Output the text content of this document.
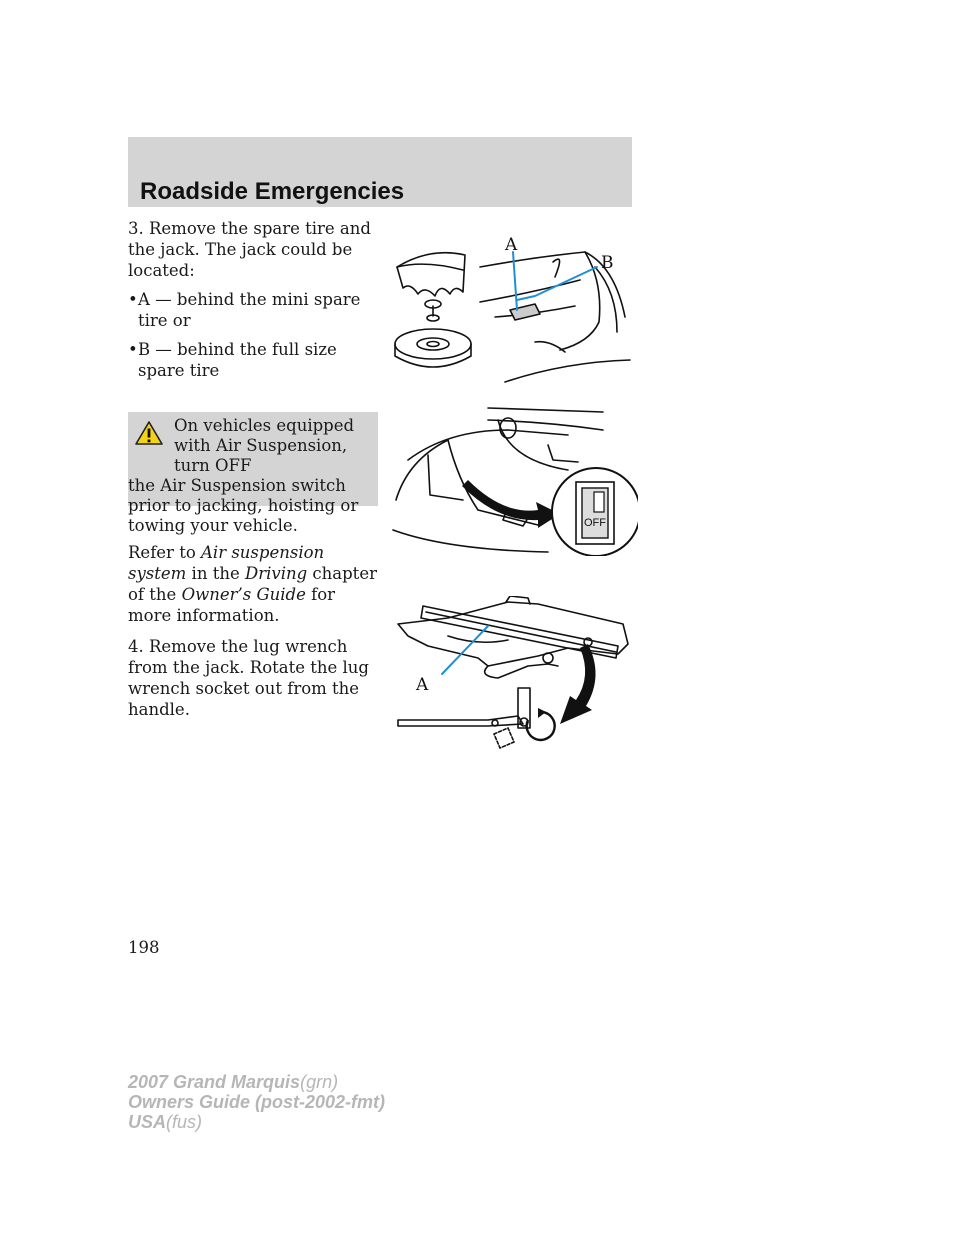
Roadside Emergencies

3. Remove the spare tire and the jack. The jack could be located:

• A — behind the mini spare tire or
• B — behind the full size spare tire
On vehicles equipped with Air Suspension, turn OFF
the Air Suspension switch prior to jacking, hoisting or towing your vehicle.

Refer to Air suspension system in the Driving chapter of the Owner’s Guide for more information.

4. Remove the lug wrench from the jack. Rotate the lug wrench socket out from the handle.

A
B
OFF
A
198
2007 Grand Marquis(grn)
Owners Guide (post-2002-fmt)
USA(fus)
